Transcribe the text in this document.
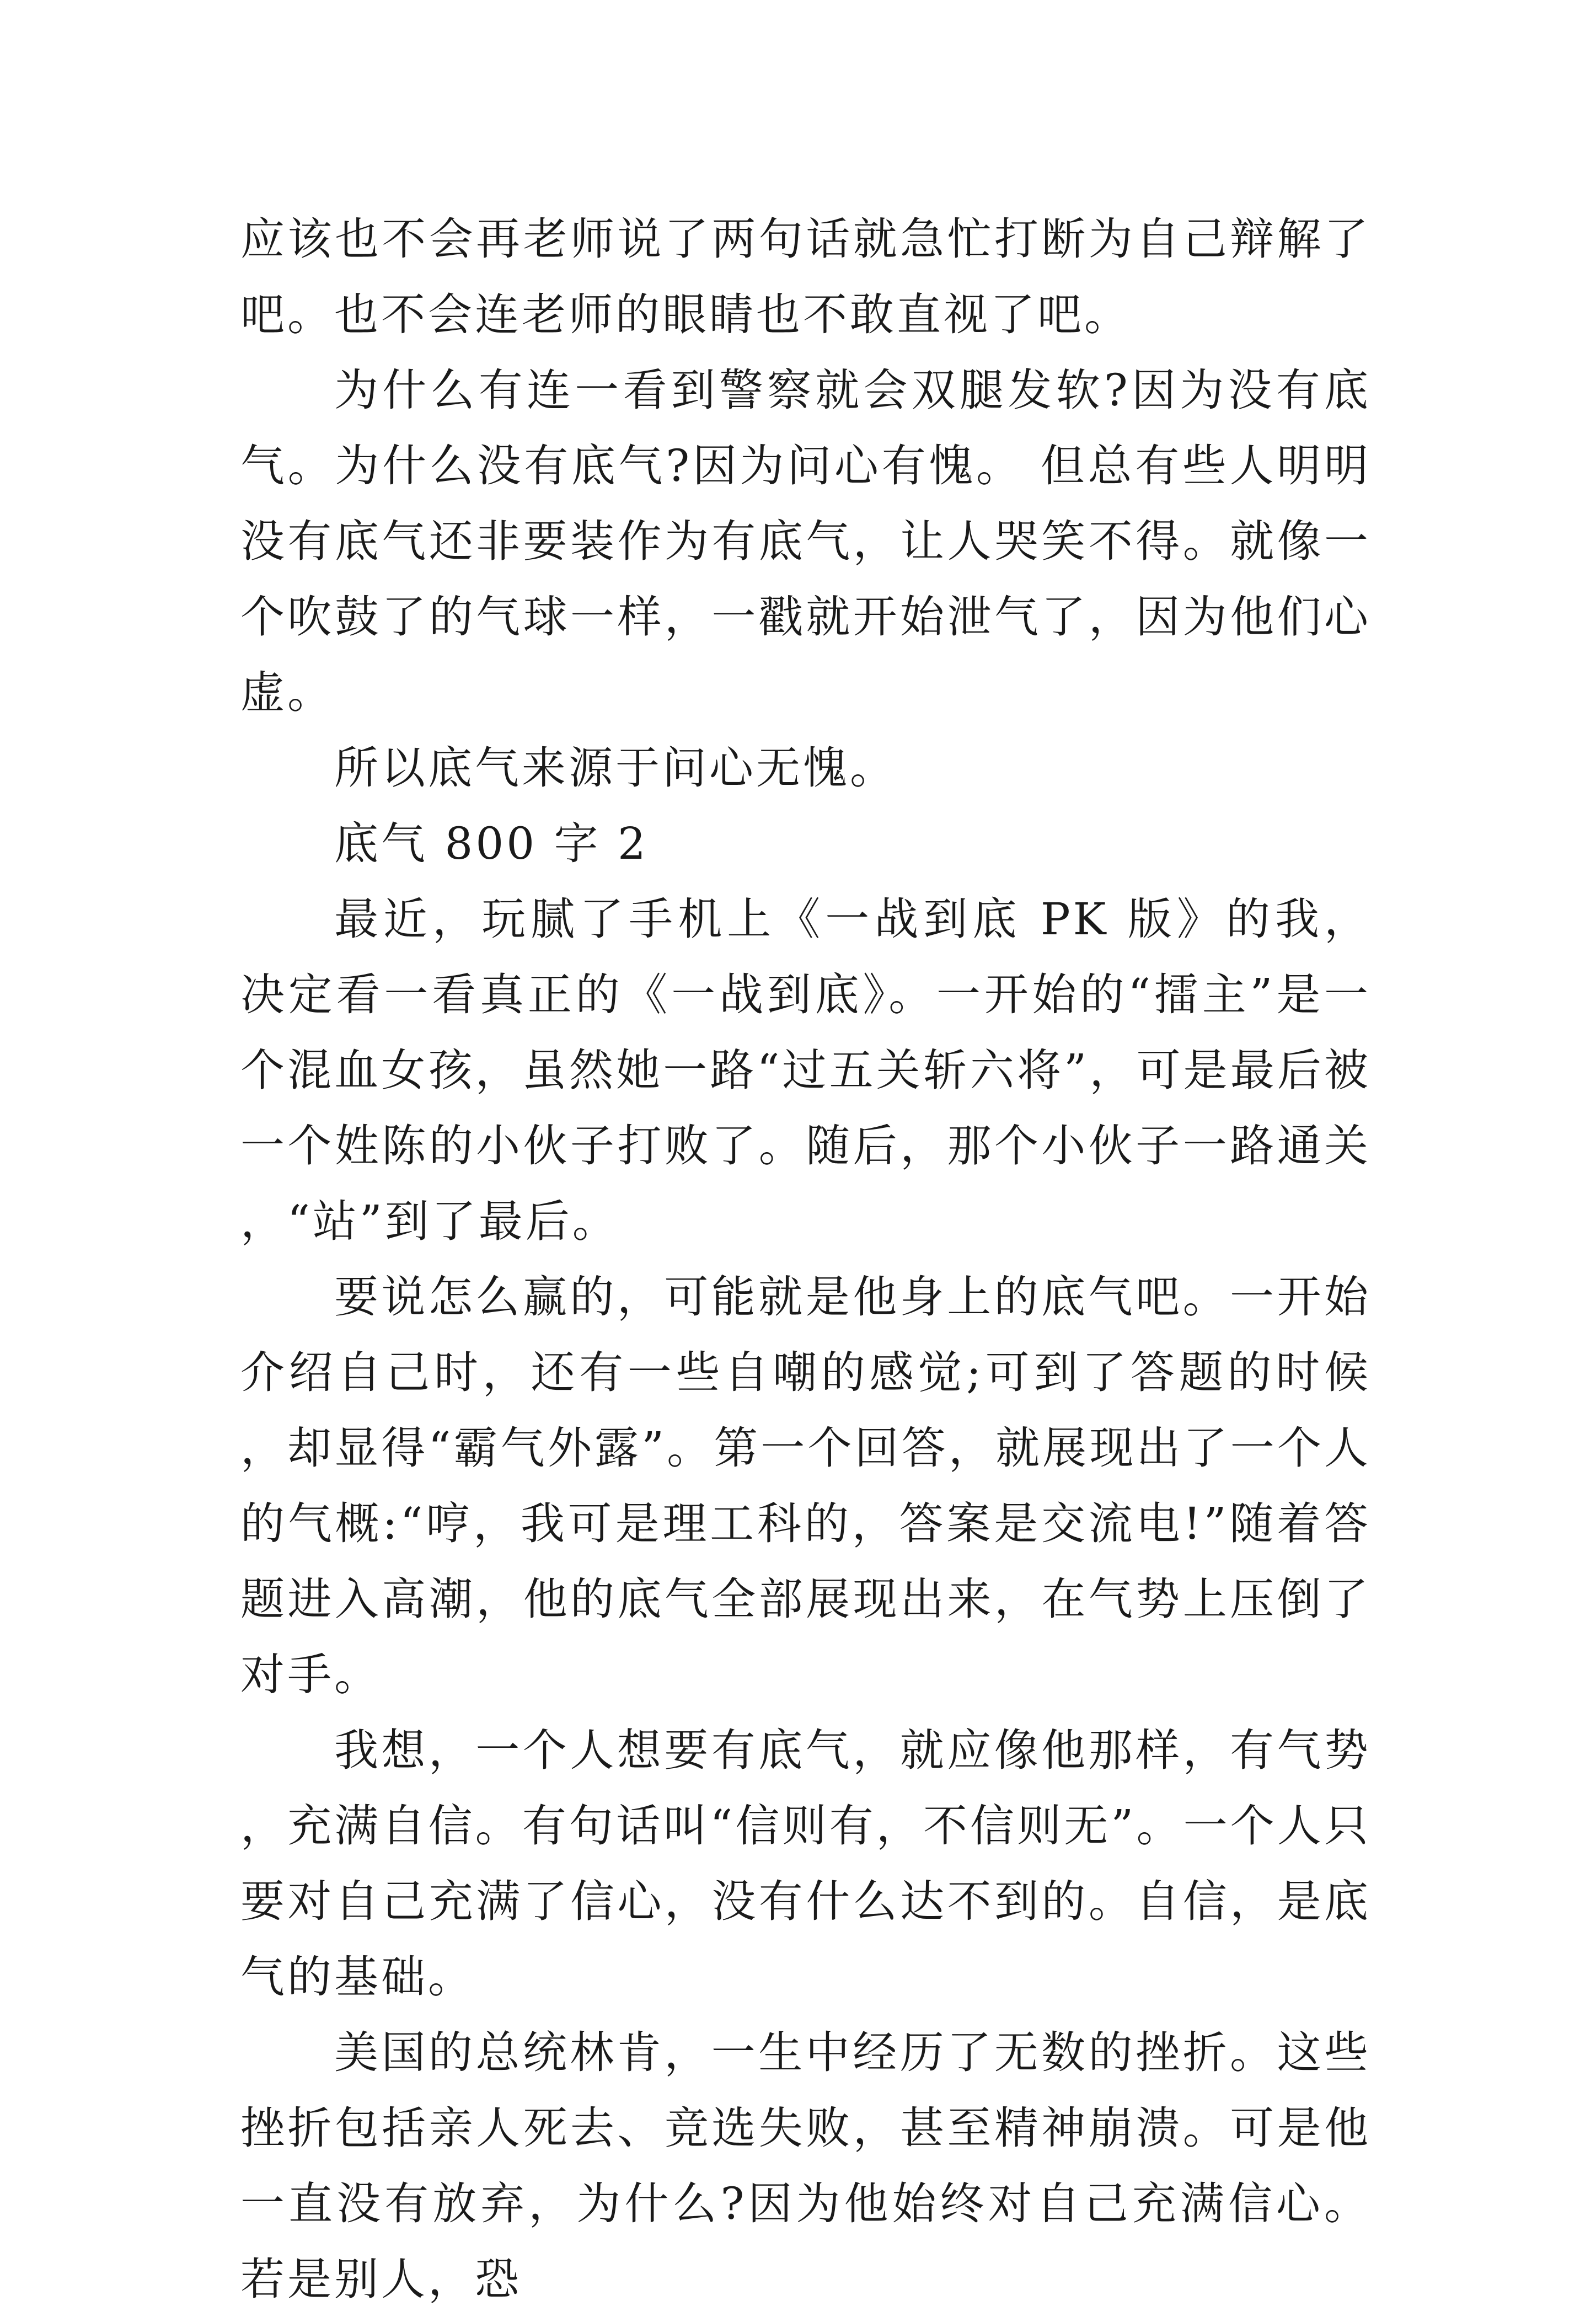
应该也不会再老师说了两句话就急忙打断为自己辩解了吧。也不会连老师的眼睛也不敢直视了吧。

为什么有连一看到警察就会双腿发软?因为没有底气。为什么没有底气?因为问心有愧。 但总有些人明明没有底气还非要装作为有底气，让人哭笑不得。就像一个吹鼓了的气球一样，一戳就开始泄气了，因为他们心虚。

所以底气来源于问心无愧。

底气 800 字 2

最近，玩腻了手机上《一战到底 PK 版》的我，决定看一看真正的《一战到底》。一开始的“擂主”是一个混血女孩，虽然她一路“过五关斩六将”，可是最后被一个姓陈的小伙子打败了。随后，那个小伙子一路通关，“站”到了最后。

要说怎么赢的，可能就是他身上的底气吧。一开始介绍自己时，还有一些自嘲的感觉;可到了答题的时候，却显得“霸气外露”。第一个回答，就展现出了一个人的气概:“哼，我可是理工科的，答案是交流电!”随着答题进入高潮，他的底气全部展现出来，在气势上压倒了对手。

我想，一个人想要有底气，就应像他那样，有气势，充满自信。有句话叫“信则有，不信则无”。一个人只要对自己充满了信心，没有什么达不到的。自信，是底气的基础。

美国的总统林肯，一生中经历了无数的挫折。这些挫折包括亲人死去、竞选失败，甚至精神崩溃。可是他一直没有放弃，为什么?因为他始终对自己充满信心。若是别人，恐
